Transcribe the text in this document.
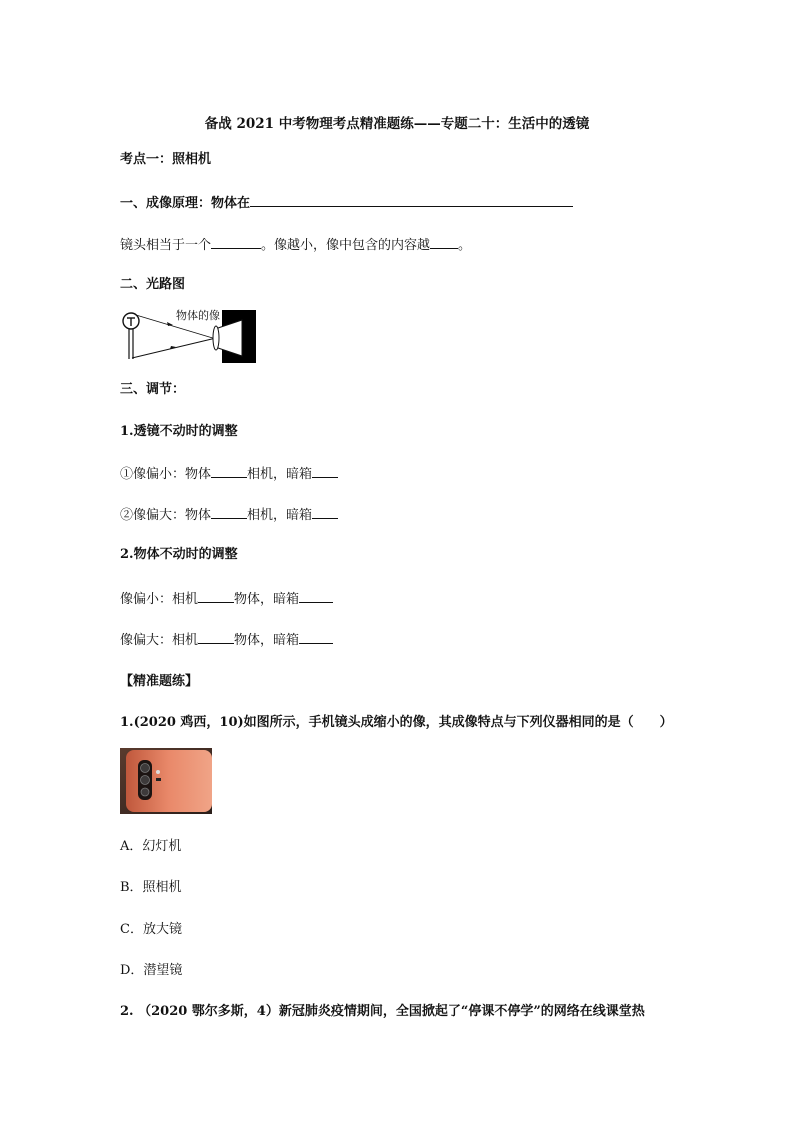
备战 2021 中考物理考点精准题练——专题二十：生活中的透镜
考点一：照相机
一、成像原理：物体在
镜头相当于一个	。像越小，像中包含的内容越 。
二、光路图
物体的像
三、调节：
1.透镜不动时的调整
①像偏小：物体	相机，暗箱
②像偏大：物体	相机，暗箱
2.物体不动时的调整
像偏小：相机	物体，暗箱
像偏大：相机	物体，暗箱
【精准题练】
1.(2020 鸡西，10)如图所示，手机镜头成缩小的像，其成像特点与下列仪器相同的是（　　）
A．幻灯机
B．照相机
C．放大镜
D．潜望镜
2. （2020 鄂尔多斯，4）新冠肺炎疫情期间，全国掀起了“停课不停学”的网络在线课堂热
